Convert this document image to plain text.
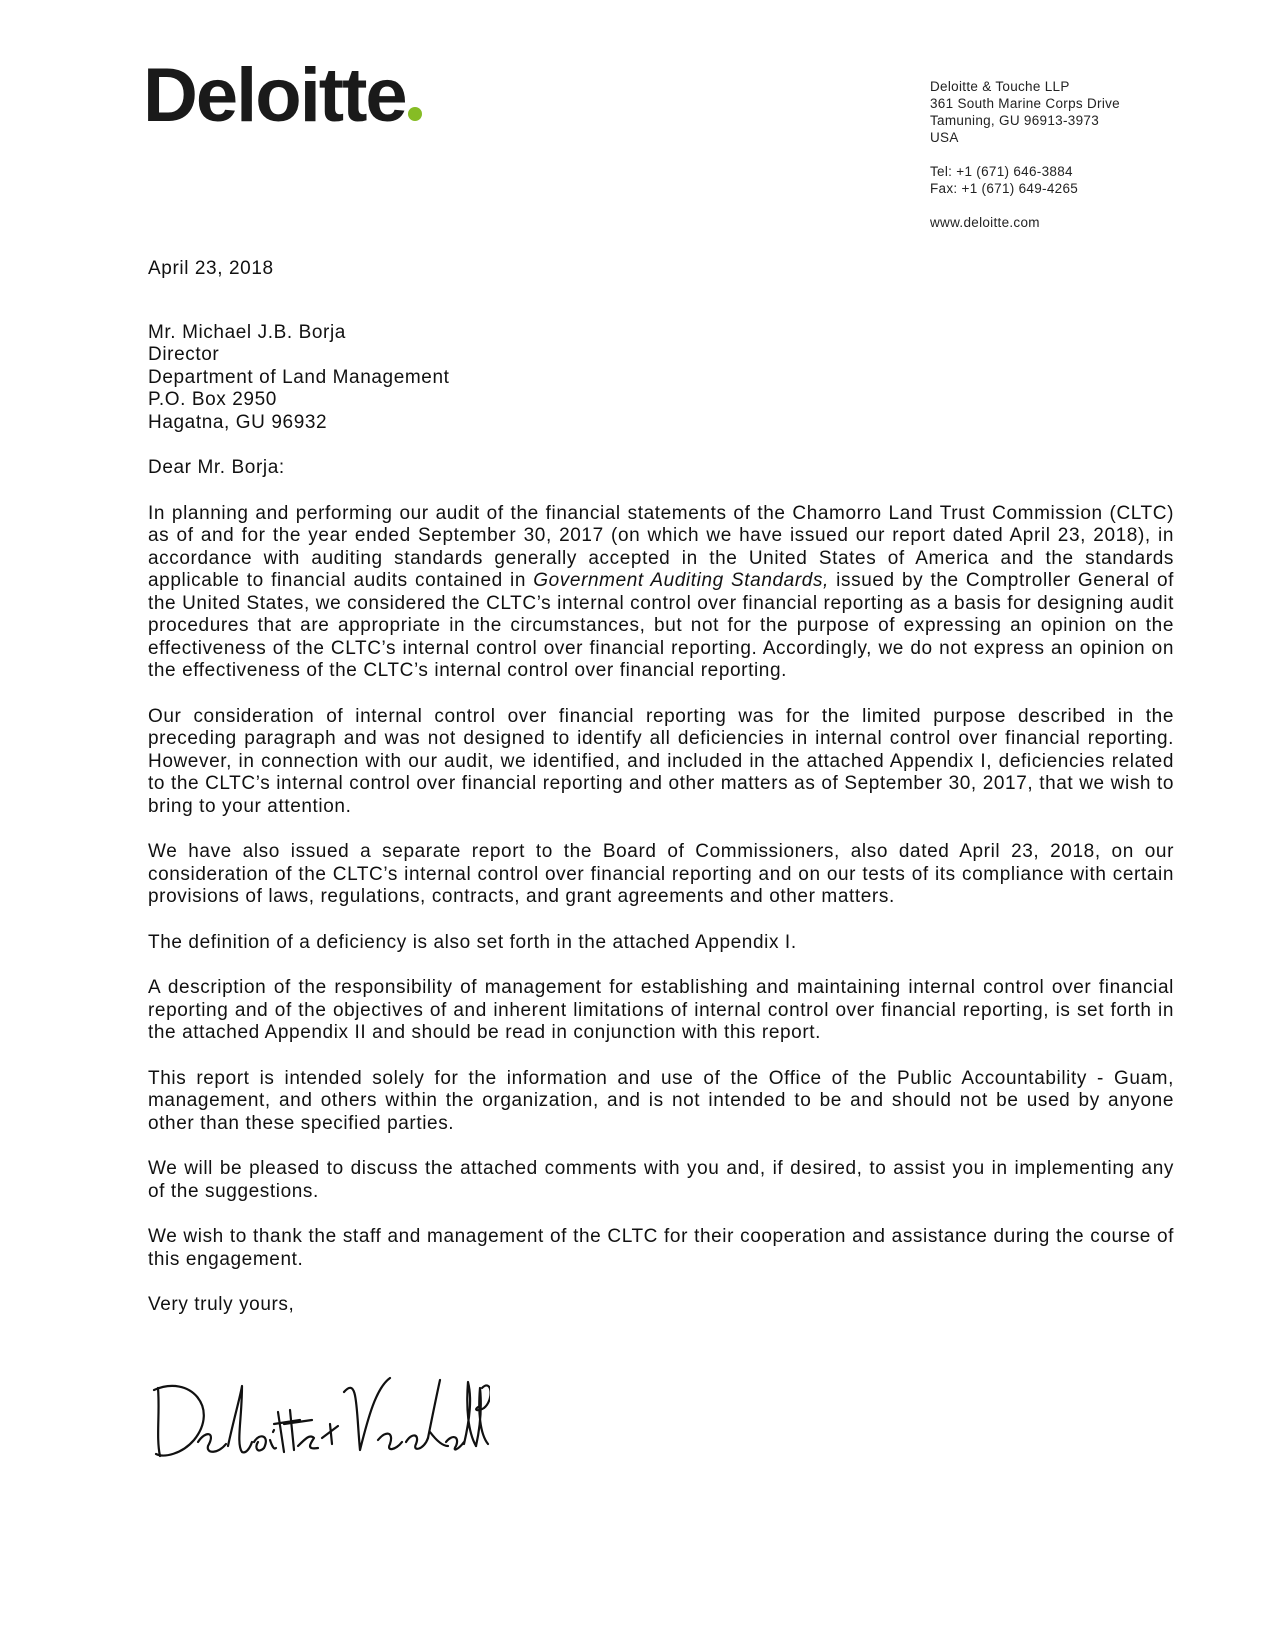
Deloitte	Deloitte & Touche LLP
361 South Marine Corps Drive
Tamuning, GU 96913-3973
USA
Tel: +1 (671) 646-3884
Fax: +1 (671) 649-4265
www.deloitte.com
April 23, 2018
Mr. Michael J.B. Borja
Director
Department of Land Management
P.O. Box 2950
Hagatna, GU 96932
Dear Mr. Borja:

In planning and performing our audit of the financial statements of the Chamorro Land Trust Commission (CLTC) as of and for the year ended September 30, 2017 (on which we have issued our report dated April 23, 2018), in accordance with auditing standards generally accepted in the United States of America and the standards applicable to financial audits contained in Government Auditing Standards, issued by the Comptroller General of the United States, we considered the CLTC’s internal control over financial reporting as a basis for designing audit procedures that are appropriate in the circumstances, but not for the purpose of expressing an opinion on the effectiveness of the CLTC’s internal control over financial reporting. Accordingly, we do not express an opinion on the effectiveness of the CLTC’s internal control over financial reporting.

Our consideration of internal control over financial reporting was for the limited purpose described in the preceding paragraph and was not designed to identify all deficiencies in internal control over financial reporting. However, in connection with our audit, we identified, and included in the attached Appendix I, deficiencies related to the CLTC’s internal control over financial reporting and other matters as of September 30, 2017, that we wish to bring to your attention.

We have also issued a separate report to the Board of Commissioners, also dated April 23, 2018, on our consideration of the CLTC’s internal control over financial reporting and on our tests of its compliance with certain provisions of laws, regulations, contracts, and grant agreements and other matters.

The definition of a deficiency is also set forth in the attached Appendix I.

A description of the responsibility of management for establishing and maintaining internal control over financial reporting and of the objectives of and inherent limitations of internal control over financial reporting, is set forth in the attached Appendix II and should be read in conjunction with this report.

This report is intended solely for the information and use of the Office of the Public Accountability - Guam, management, and others within the organization, and is not intended to be and should not be used by anyone other than these specified parties.

We will be pleased to discuss the attached comments with you and, if desired, to assist you in implementing any of the suggestions.

We wish to thank the staff and management of the CLTC for their cooperation and assistance during the course of this engagement.

Very truly yours,
